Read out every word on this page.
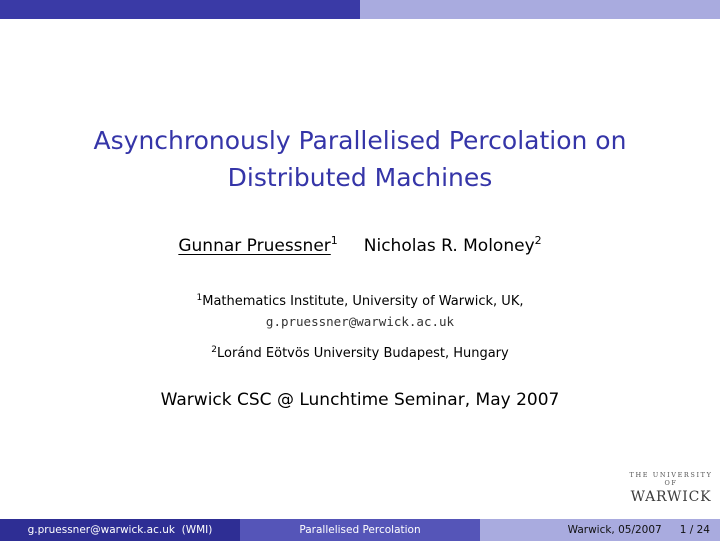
Asynchronously Parallelised Percolation on
Distributed Machines
Gunnar Pruessner$^1$ Nicholas R. Moloney$^2$
$^1$Mathematics Institute, University of Warwick, UK,
g.pruessner@warwick.ac.uk
$^2$Loránd Eötvös University Budapest, Hungary
Warwick CSC @ Lunchtime Seminar, May 2007
THE UNIVERSITY OF
WARWICK
g.pruessner@warwick.ac.uk  (WMI)	Parallelised Percolation	Warwick, 05/2007 1 / 24
